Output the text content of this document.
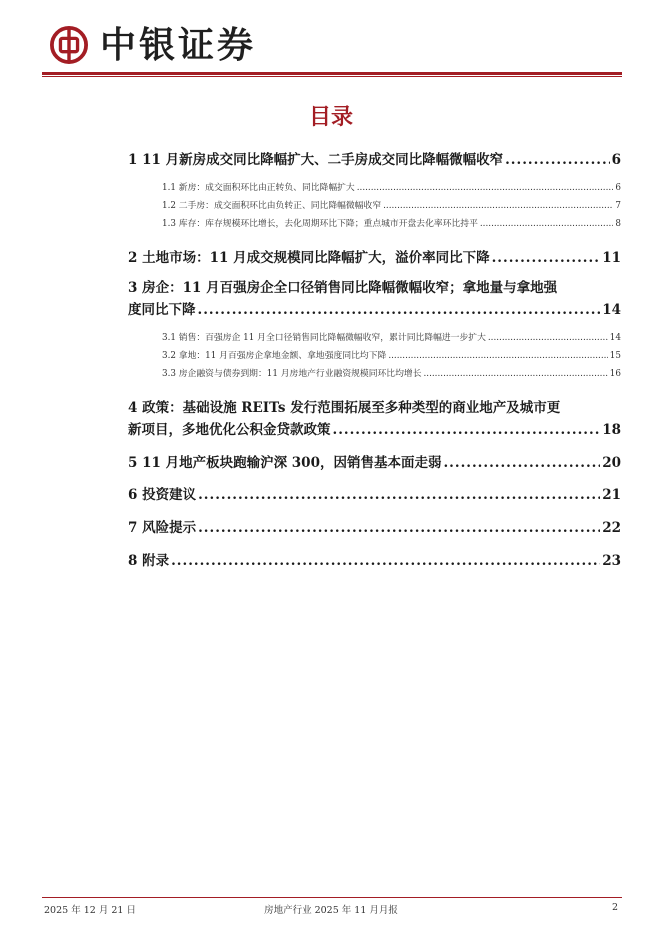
中银证券
目录
1 11 月新房成交同比降幅扩大、二手房成交同比降幅微幅收窄 .....	6
1.1 新房：成交面积环比由正转负、同比降幅扩大 .....	6
1.2 二手房：成交面积环比由负转正、同比降幅微幅收窄 .....	7
1.3 库存：库存规模环比增长，去化周期环比下降；重点城市开盘去化率环比持平 .....	8
2 土地市场：11 月成交规模同比降幅扩大，溢价率同比下降 .....	11
3 房企：11 月百强房企全口径销售同比降幅微幅收窄；拿地量与拿地强
度同比下降 .....	14
3.1 销售：百强房企 11 月全口径销售同比降幅微幅收窄，累计同比降幅进一步扩大 .....	14
3.2 拿地：11 月百强房企拿地金额、拿地强度同比均下降 .....	15
3.3 房企融资与债券到期：11 月房地产行业融资规模同环比均增长 .....	16
4 政策：基础设施 REITs 发行范围拓展至多种类型的商业地产及城市更
新项目，多地优化公积金贷款政策 .....	18
5 11 月地产板块跑输沪深 300，因销售基本面走弱 .....	20
6 投资建议 .....	21
7 风险提示 .....	22
8 附录 .....	23
2025 年 12 月 21 日	房地产行业 2025 年 11 月月报	2
